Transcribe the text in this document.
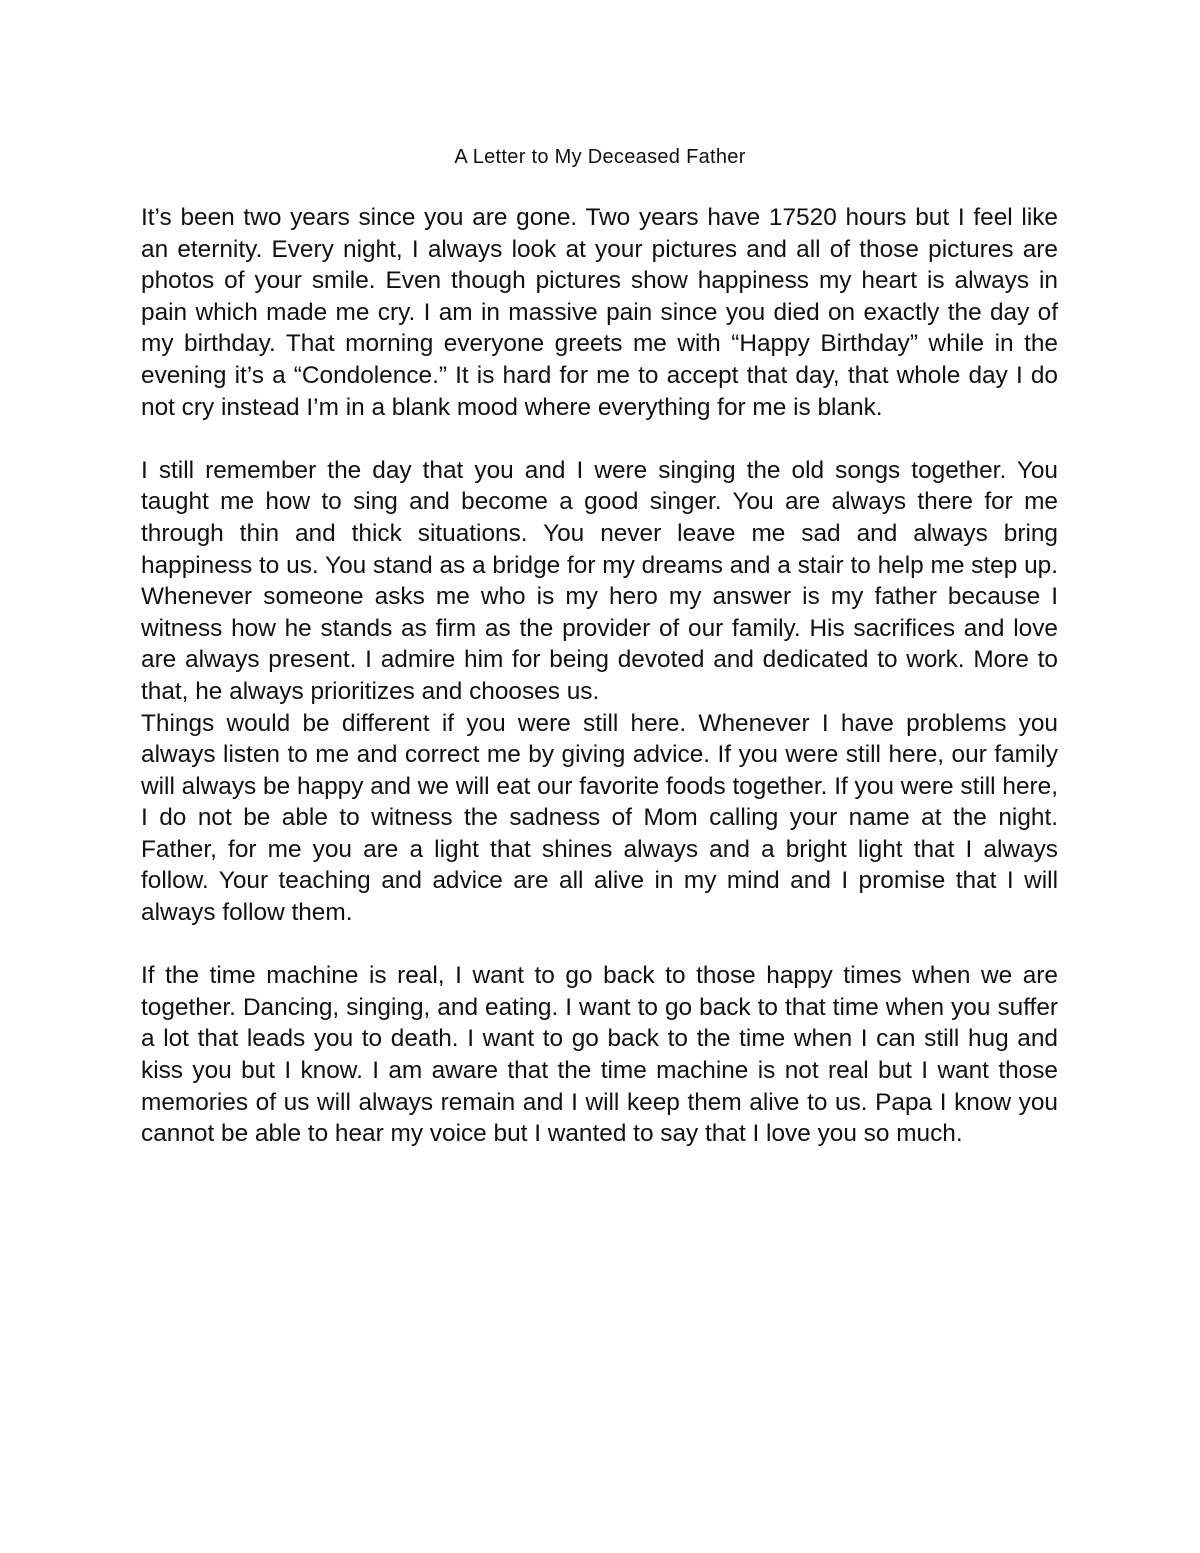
A Letter to My Deceased Father

It’s been two years since you are gone. Two years have 17520 hours but I feel like an eternity. Every night, I always look at your pictures and all of those pictures are photos of your smile. Even though pictures show happiness my heart is always in pain which made me cry. I am in massive pain since you died on exactly the day of my birthday. That morning everyone greets me with “Happy Birthday” while in the evening it’s a “Condolence.” It is hard for me to accept that day, that whole day I do not cry instead I’m in a blank mood where everything for me is blank.

I still remember the day that you and I were singing the old songs together. You taught me how to sing and become a good singer. You are always there for me through thin and thick situations. You never leave me sad and always bring happiness to us. You stand as a bridge for my dreams and a stair to help me step up. Whenever someone asks me who is my hero my answer is my father because I witness how he stands as firm as the provider of our family. His sacrifices and love are always present. I admire him for being devoted and dedicated to work. More to that, he always prioritizes and chooses us.

Things would be different if you were still here. Whenever I have problems you always listen to me and correct me by giving advice. If you were still here, our family will always be happy and we will eat our favorite foods together. If you were still here, I do not be able to witness the sadness of Mom calling your name at the night. Father, for me you are a light that shines always and a bright light that I always follow. Your teaching and advice are all alive in my mind and I promise that I will always follow them.

If the time machine is real, I want to go back to those happy times when we are together. Dancing, singing, and eating. I want to go back to that time when you suffer a lot that leads you to death. I want to go back to the time when I can still hug and kiss you but I know. I am aware that the time machine is not real but I want those memories of us will always remain and I will keep them alive to us. Papa I know you cannot be able to hear my voice but I wanted to say that I love you so much.
